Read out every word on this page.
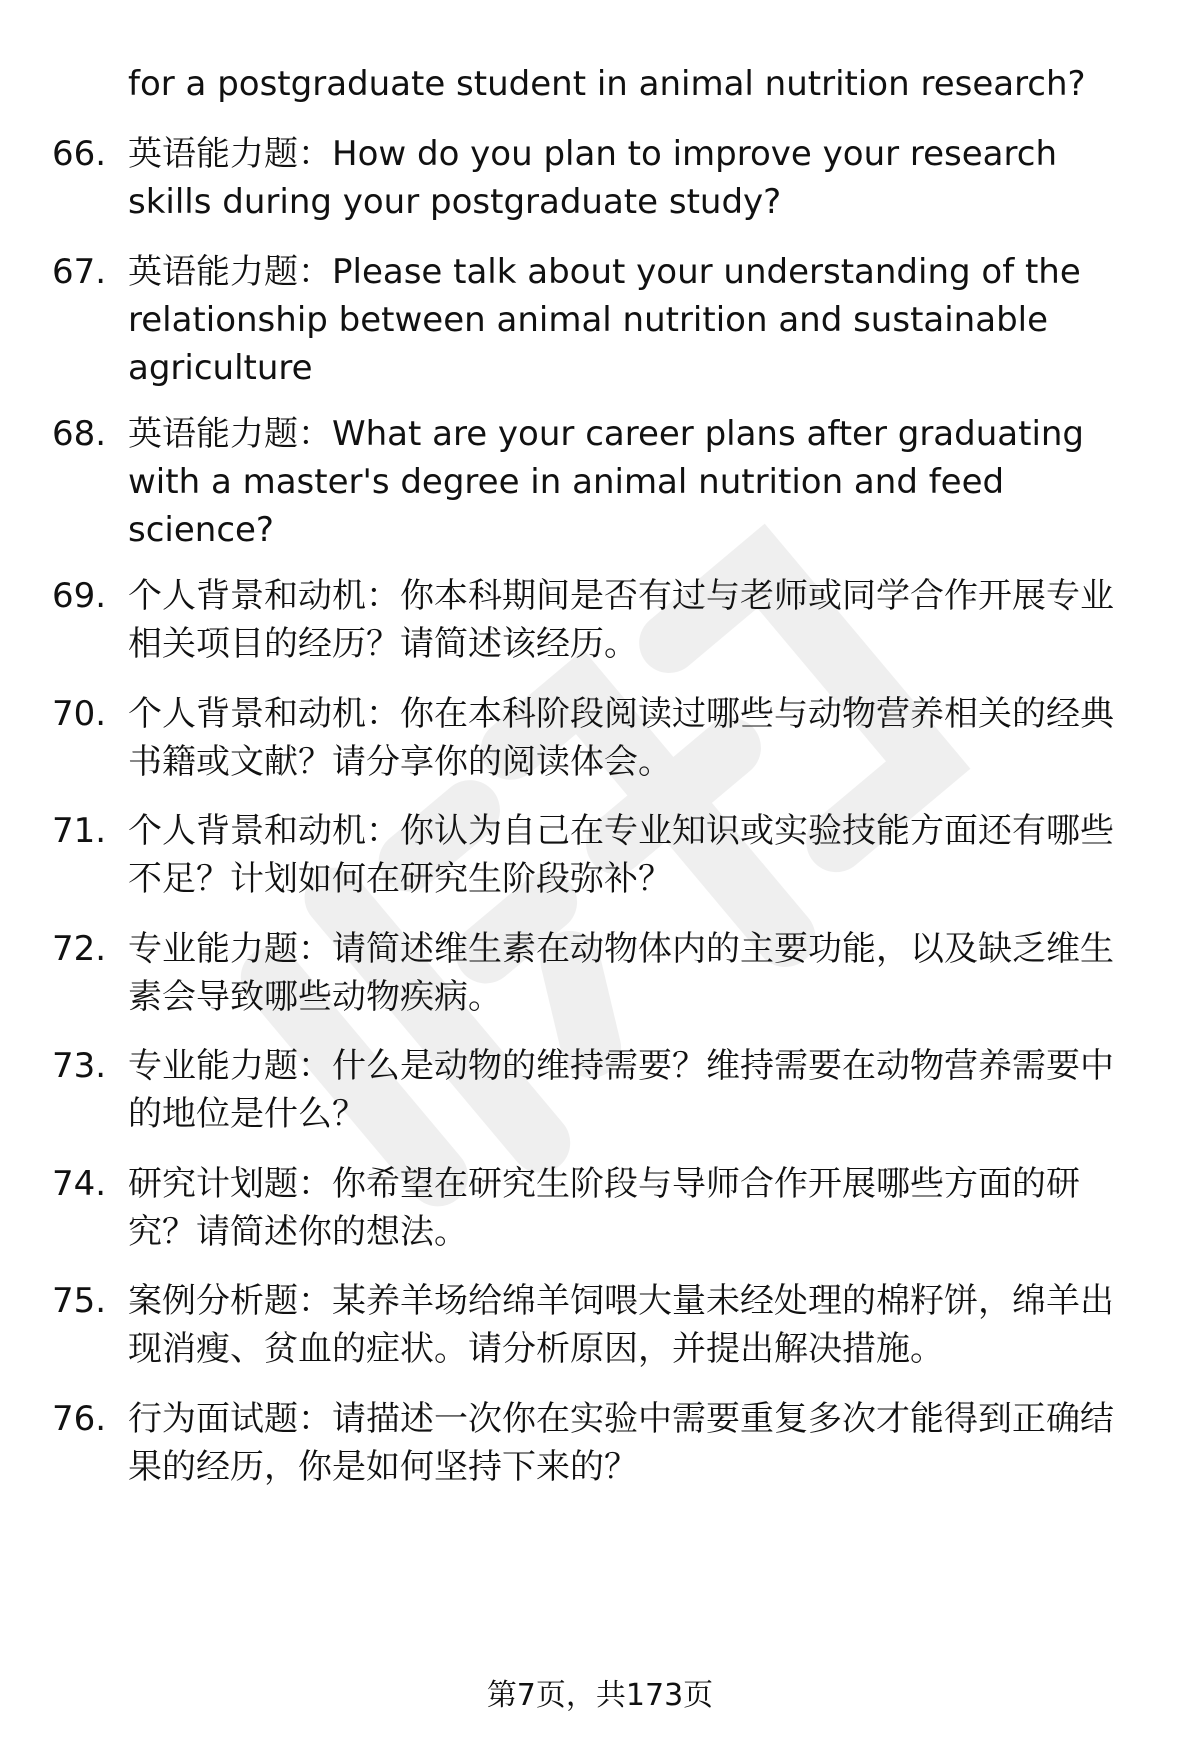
for a postgraduate student in animal nutrition research?

66. 英语能力题：How do you plan to improve your research skills during your postgraduate study?

67. 英语能力题：Please talk about your understanding of the relationship between animal nutrition and sustainable agriculture

68. 英语能力题：What are your career plans after graduating with a master's degree in animal nutrition and feed science?

69. 个人背景和动机：你本科期间是否有过与老师或同学合作开展专业相关项目的经历？请简述该经历。

70. 个人背景和动机：你在本科阶段阅读过哪些与动物营养相关的经典书籍或文献？请分享你的阅读体会。

71. 个人背景和动机：你认为自己在专业知识或实验技能方面还有哪些不足？计划如何在研究生阶段弥补？

72. 专业能力题：请简述维生素在动物体内的主要功能，以及缺乏维生素会导致哪些动物疾病。

73. 专业能力题：什么是动物的维持需要？维持需要在动物营养需要中的地位是什么？

74. 研究计划题：你希望在研究生阶段与导师合作开展哪些方面的研究？请简述你的想法。

75. 案例分析题：某养羊场给绵羊饲喂大量未经处理的棉籽饼，绵羊出现消瘦、贫血的症状。请分析原因，并提出解决措施。

76. 行为面试题：请描述一次你在实验中需要重复多次才能得到正确结果的经历，你是如何坚持下来的？

第7页，共173页
